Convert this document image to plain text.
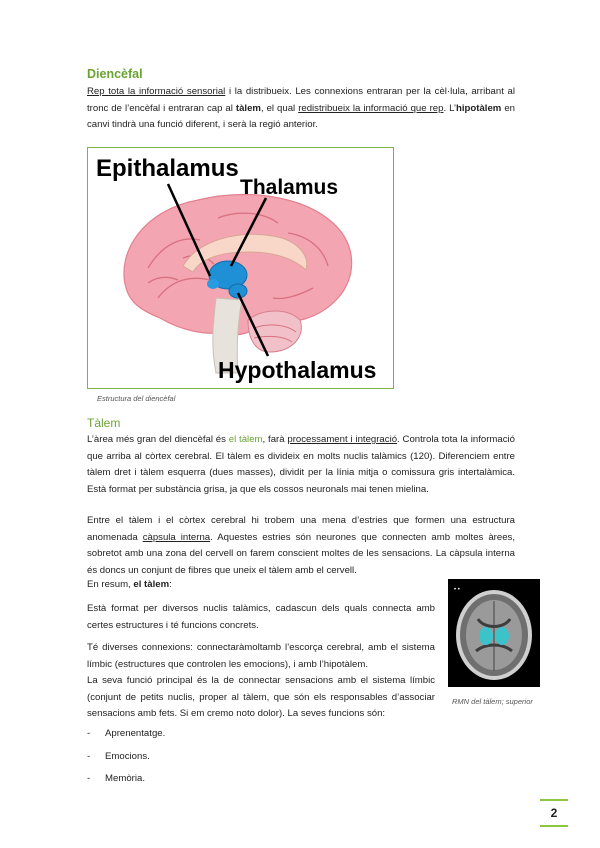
Diencèfal
Rep tota la informació sensorial i la distribueix. Les connexions entraran per la cèl·lula, arribant al tronc de l’encèfal i entraran cap al tàlem, el qual redistribueix la informació que rep. L’hipotàlem en canvi tindrà una funció diferent, i serà la regió anterior.
Epithalamus
Thalamus
Hypothalamus
Estructura del diencèfal
Tàlem
L’àrea més gran del diencèfal és el tàlem, farà processament i integració. Controla tota la informació que arriba al còrtex cerebral. El tàlem es divideix en molts nuclis talàmics (120). Diferenciem entre tàlem dret i tàlem esquerra (dues masses), dividit per la línia mitja o comissura gris intertalàmica. Està format per substància grisa, ja que els cossos neuronals mai tenen mielina.
Entre el tàlem i el còrtex cerebral hi trobem una mena d’estries que formen una estructura anomenada càpsula interna. Aquestes estries són neurones que connecten amb moltes àrees, sobretot amb una zona del cervell on farem conscient moltes de les sensacions. La càpsula interna és doncs un conjunt de fibres que uneix el tàlem amb el cervell.
En resum, el tàlem:
Està format per diversos nuclis talàmics, cadascun dels quals connecta amb certes estructures i té funcions concrets.
Té diverses connexions: connectaràmoltamb l’escorça cerebral, amb el sistema límbic (estructures que controlen les emocions), i amb l’hipotàlem.
La seva funció principal és la de connectar sensacions amb el sistema límbic (conjunt de petits nuclis, proper al tàlem, que són els responsables d’associar sensacions amb fets. Si em cremo noto dolor). La seves funcions són:
• •
RMN del tàlem; superior
- Aprenentatge.
- Emocions.
- Memòria.
2
